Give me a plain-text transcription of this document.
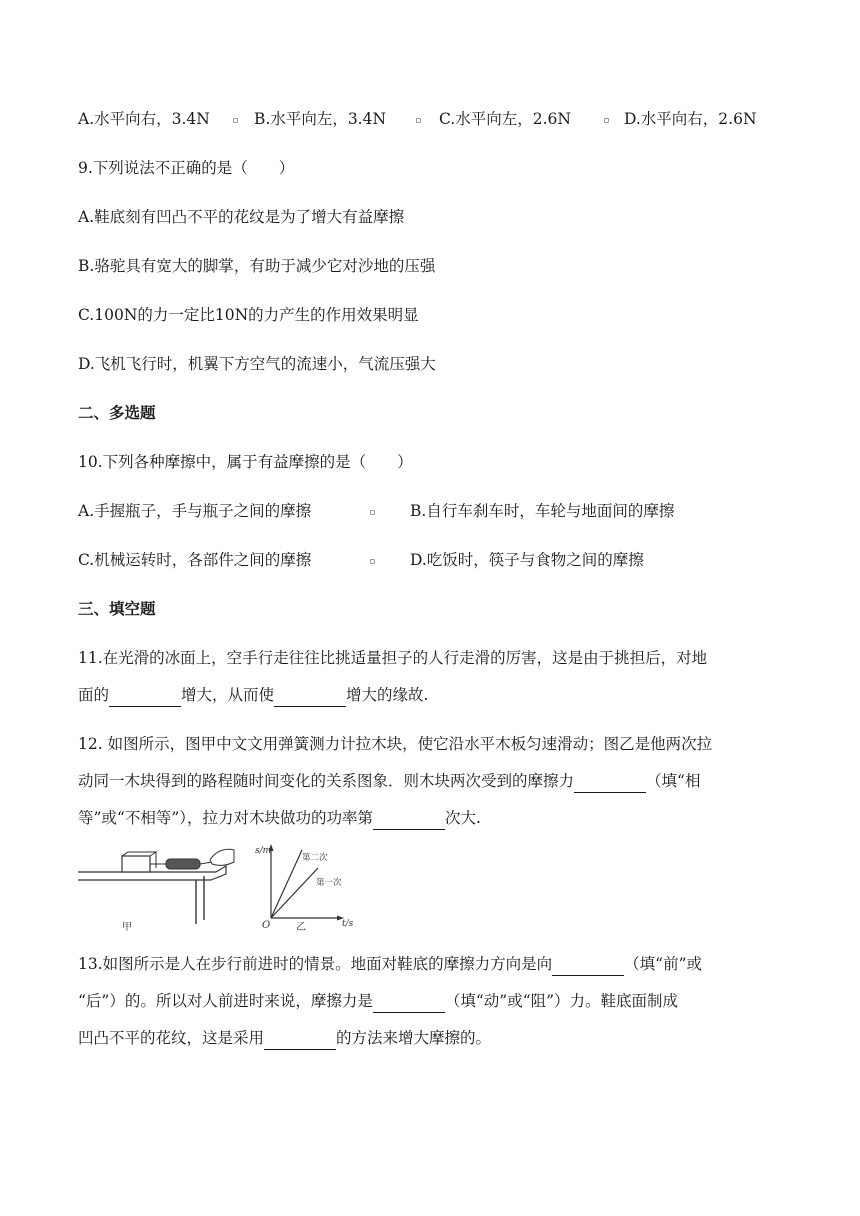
A.水平向右，3.4N	B.水平向左，3.4N	C.水平向左，2.6N	D.水平向右，2.6N
9.下列说法不正确的是（　　）
A.鞋底刻有凹凸不平的花纹是为了增大有益摩擦
B.骆驼具有宽大的脚掌，有助于减少它对沙地的压强
C.100N的力一定比10N的力产生的作用效果明显
D.飞机飞行时，机翼下方空气的流速小，气流压强大
二、多选题
10.下列各种摩擦中，属于有益摩擦的是（　　）
A.手握瓶子，手与瓶子之间的摩擦	B.自行车刹车时，车轮与地面间的摩擦
C.机械运转时，各部件之间的摩擦	D.吃饭时，筷子与食物之间的摩擦
三、填空题
11.在光滑的冰面上，空手行走往往比挑适量担子的人行走滑的厉害，这是由于挑担后，对地
面的	增大，从而使	增大的缘故.
12. 如图所示，图甲中文文用弹簧测力计拉木块，使它沿水平木板匀速滑动；图乙是他两次拉
动同一木块得到的路程随时间变化的关系图象．则木块两次受到的摩擦力	（填“相
等”或“不相等”），拉力对木块做功的功率第	次大.
甲
s/m
t/s
O
第二次
第一次
乙
13.如图所示是人在步行前进时的情景。地面对鞋底的摩擦力方向是向	（填“前”或
“后”）的。所以对人前进时来说，摩擦力是	（填“动”或“阻”）力。鞋底面制成
凹凸不平的花纹，这是采用	的方法来增大摩擦的。
